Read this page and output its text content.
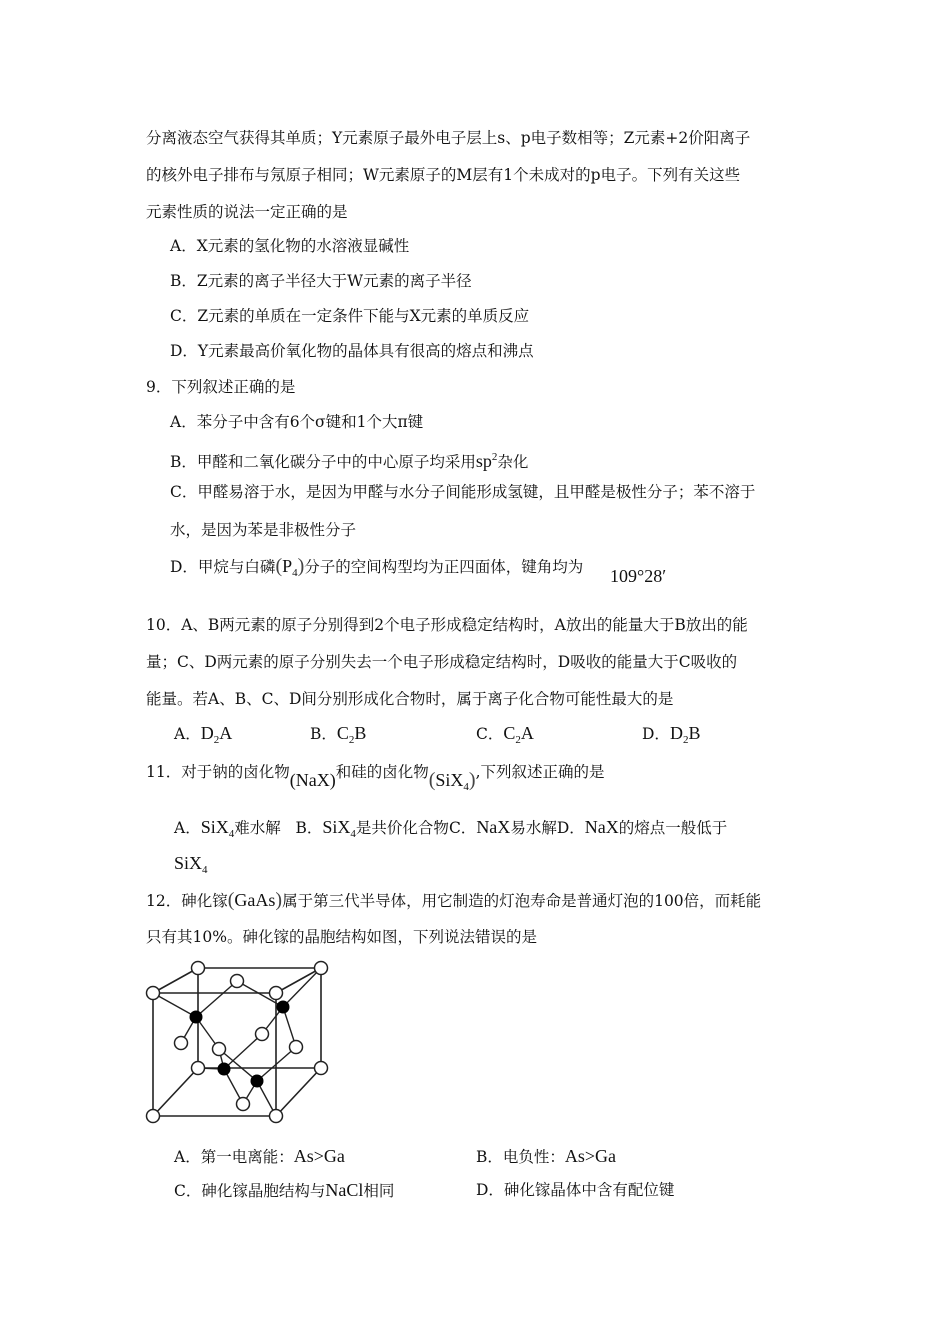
分离液态空气获得其单质；Y元素原子最外电子层上s、p电子数相等；Z元素+2价阳离子
的核外电子排布与氖原子相同；W元素原子的M层有1个未成对的p电子。下列有关这些
元素性质的说法一定正确的是
A．X元素的氢化物的水溶液显碱性
B．Z元素的离子半径大于W元素的离子半径
C．Z元素的单质在一定条件下能与X元素的单质反应
D．Y元素最高价氧化物的晶体具有很高的熔点和沸点
9．下列叙述正确的是
A．苯分子中含有6个σ键和1个大π键
B．甲醛和二氧化碳分子中的中心原子均采用$sp^2$杂化
C．甲醛易溶于水，是因为甲醛与水分子间能形成氢键，且甲醛是极性分子；苯不溶于
水，是因为苯是非极性分子
D．甲烷与白磷$(P_4)$分子的空间构型均为正四面体，键角均为 109°28′
10．A、B两元素的原子分别得到2个电子形成稳定结构时，A放出的能量大于B放出的能
量；C、D两元素的原子分别失去一个电子形成稳定结构时，D吸收的能量大于C吸收的
能量。若A、B、C、D间分别形成化合物时，属于离子化合物可能性最大的是
A．$D_2A$	B．$C_2B$	C．$C_2A$	D．$D_2B$
11．对于钠的卤化物(NaX)和硅的卤化物(SiX$_4$),下列叙述正确的是
A．SiX$_4$难水解 B．SiX$_4$是共价化合物C．NaX易水解D．NaX的熔点一般低于
SiX$_4$
12．砷化镓(GaAs)属于第三代半导体，用它制造的灯泡寿命是普通灯泡的100倍，而耗能
只有其10%。砷化镓的晶胞结构如图，下列说法错误的是
A．第一电离能：As>Ga	B．电负性：As>Ga
C．砷化镓晶胞结构与NaCl相同	D．砷化镓晶体中含有配位键
